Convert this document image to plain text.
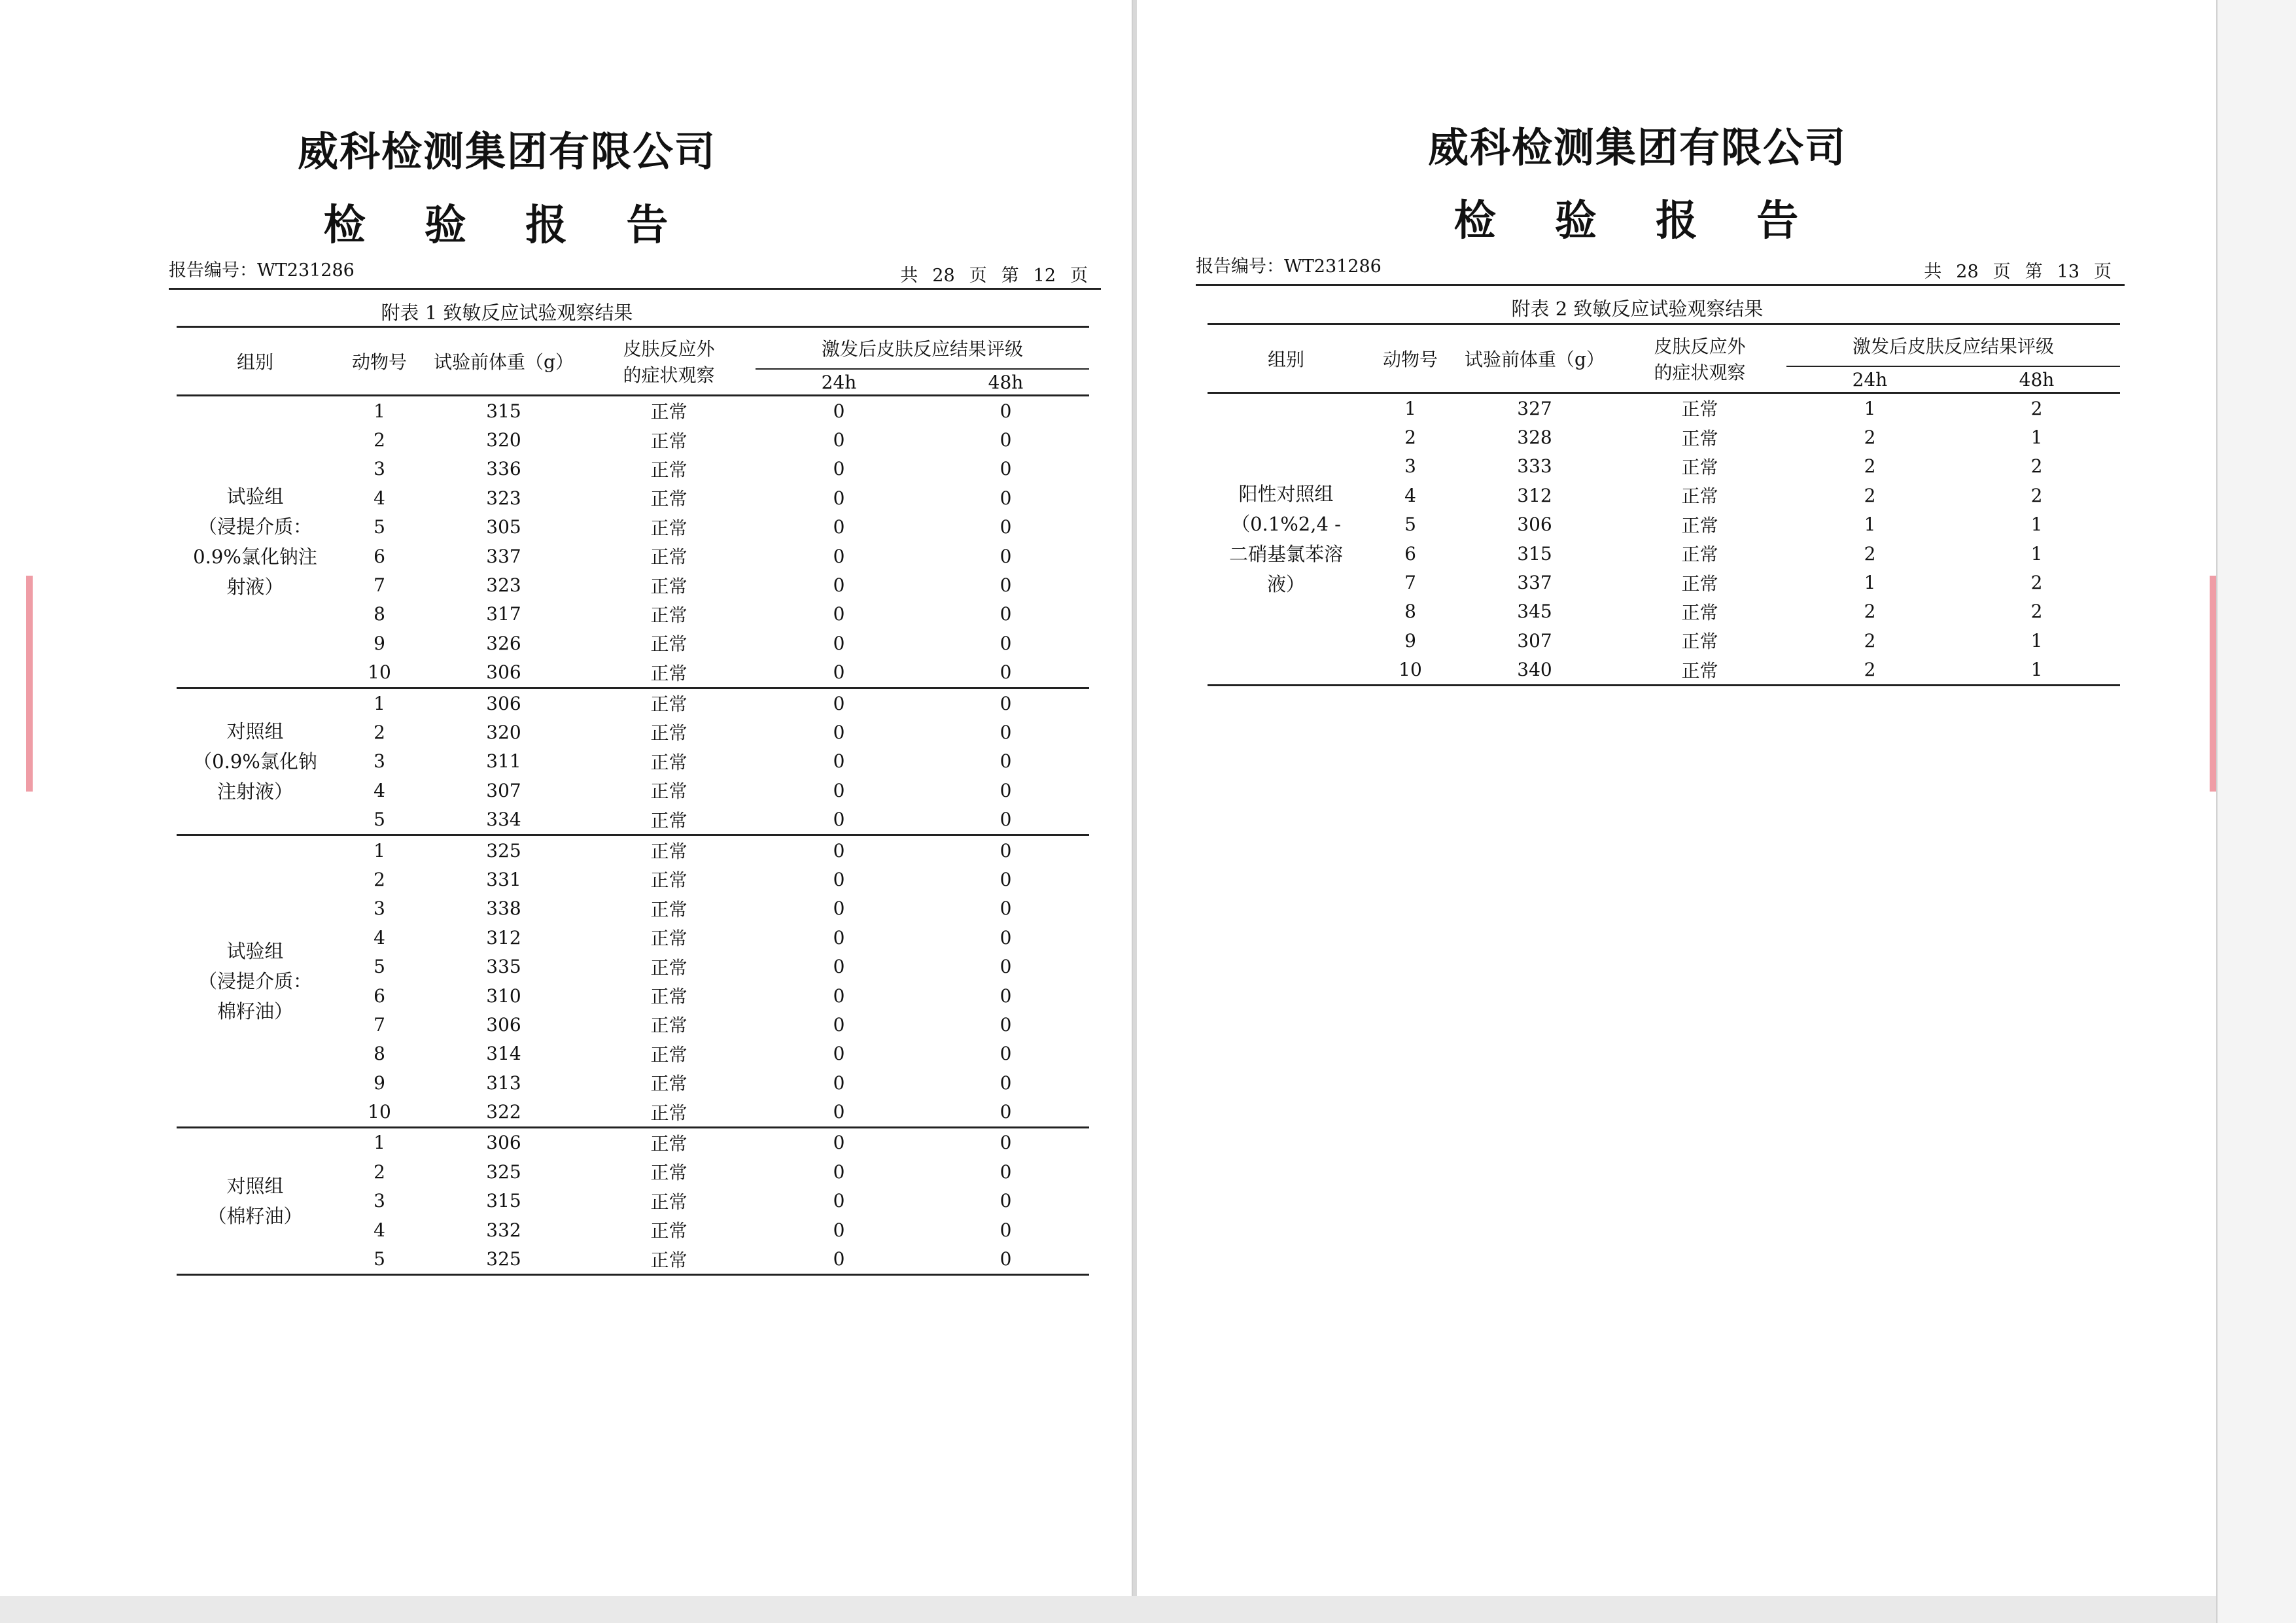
威科检测集团有限公司
检 验 报 告
报告编号：WT231286	共 28 页 第 12 页
附表 1 致敏反应试验观察结果
组别	动物号	试验前体重（g）	皮肤反应外
的症状观察	激发后皮肤反应结果评级	
				24h	48h
试验组
（浸提介质：
0.9%氯化钠注
射液）	1	315	正常	0	0
	2	320	正常	0	0
	3	336	正常	0	0
	4	323	正常	0	0
	5	305	正常	0	0
	6	337	正常	0	0
	7	323	正常	0	0
	8	317	正常	0	0
	9	326	正常	0	0
	10	306	正常	0	0
对照组
（0.9%氯化钠
注射液）	1	306	正常	0	0
	2	320	正常	0	0
	3	311	正常	0	0
	4	307	正常	0	0
	5	334	正常	0	0
试验组
（浸提介质：
棉籽油）	1	325	正常	0	0
	2	331	正常	0	0
	3	338	正常	0	0
	4	312	正常	0	0
	5	335	正常	0	0
	6	310	正常	0	0
	7	306	正常	0	0
	8	314	正常	0	0
	9	313	正常	0	0
	10	322	正常	0	0
对照组
（棉籽油）	1	306	正常	0	0
	2	325	正常	0	0
	3	315	正常	0	0
	4	332	正常	0	0
	5	325	正常	0	0
威科检测集团有限公司
检 验 报 告
报告编号：WT231286	共 28 页 第 13 页
附表 2 致敏反应试验观察结果
组别	动物号	试验前体重（g）	皮肤反应外
的症状观察	激发后皮肤反应结果评级	
				24h	48h
阳性对照组
（0.1%2,4 -
二硝基氯苯溶
液）	1	327	正常	1	2
	2	328	正常	2	1
	3	333	正常	2	2
	4	312	正常	2	2
	5	306	正常	1	1
	6	315	正常	2	1
	7	337	正常	1	2
	8	345	正常	2	2
	9	307	正常	2	1
	10	340	正常	2	1
